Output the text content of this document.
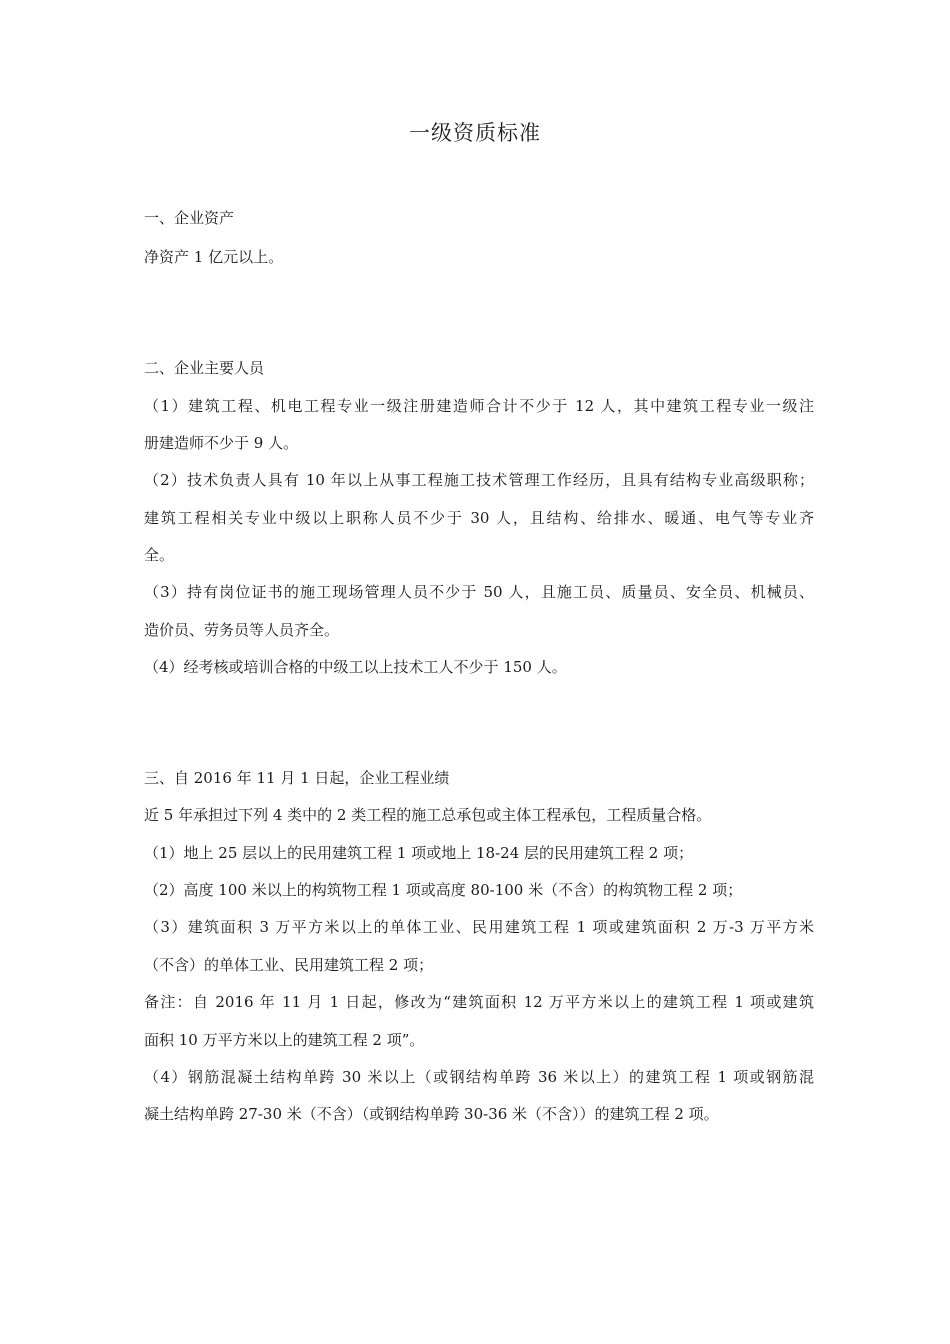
一级资质标准
一、企业资产
净资产 1 亿元以上。
二、企业主要人员
（1）建筑工程、机电工程专业一级注册建造师合计不少于 12 人，其中建筑工程专业一级注
册建造师不少于 9 人。
（2）技术负责人具有 10 年以上从事工程施工技术管理工作经历，且具有结构专业高级职称；
建筑工程相关专业中级以上职称人员不少于 30 人，且结构、给排水、暖通、电气等专业齐
全。
（3）持有岗位证书的施工现场管理人员不少于 50 人，且施工员、质量员、安全员、机械员、
造价员、劳务员等人员齐全。
（4）经考核或培训合格的中级工以上技术工人不少于 150 人。
三、自 2016 年 11 月 1 日起，企业工程业绩
近 5 年承担过下列 4 类中的 2 类工程的施工总承包或主体工程承包，工程质量合格。
（1）地上 25 层以上的民用建筑工程 1 项或地上 18-24 层的民用建筑工程 2 项；
（2）高度 100 米以上的构筑物工程 1 项或高度 80-100 米（不含）的构筑物工程 2 项；
（3）建筑面积 3 万平方米以上的单体工业、民用建筑工程 1 项或建筑面积 2 万-3 万平方米
（不含）的单体工业、民用建筑工程 2 项；
备注：自 2016 年 11 月 1 日起，修改为“建筑面积 12 万平方米以上的建筑工程 1 项或建筑
面积 10 万平方米以上的建筑工程 2 项”。
（4）钢筋混凝土结构单跨 30 米以上（或钢结构单跨 36 米以上）的建筑工程 1 项或钢筋混
凝土结构单跨 27-30 米（不含）（或钢结构单跨 30-36 米（不含））的建筑工程 2 项。
